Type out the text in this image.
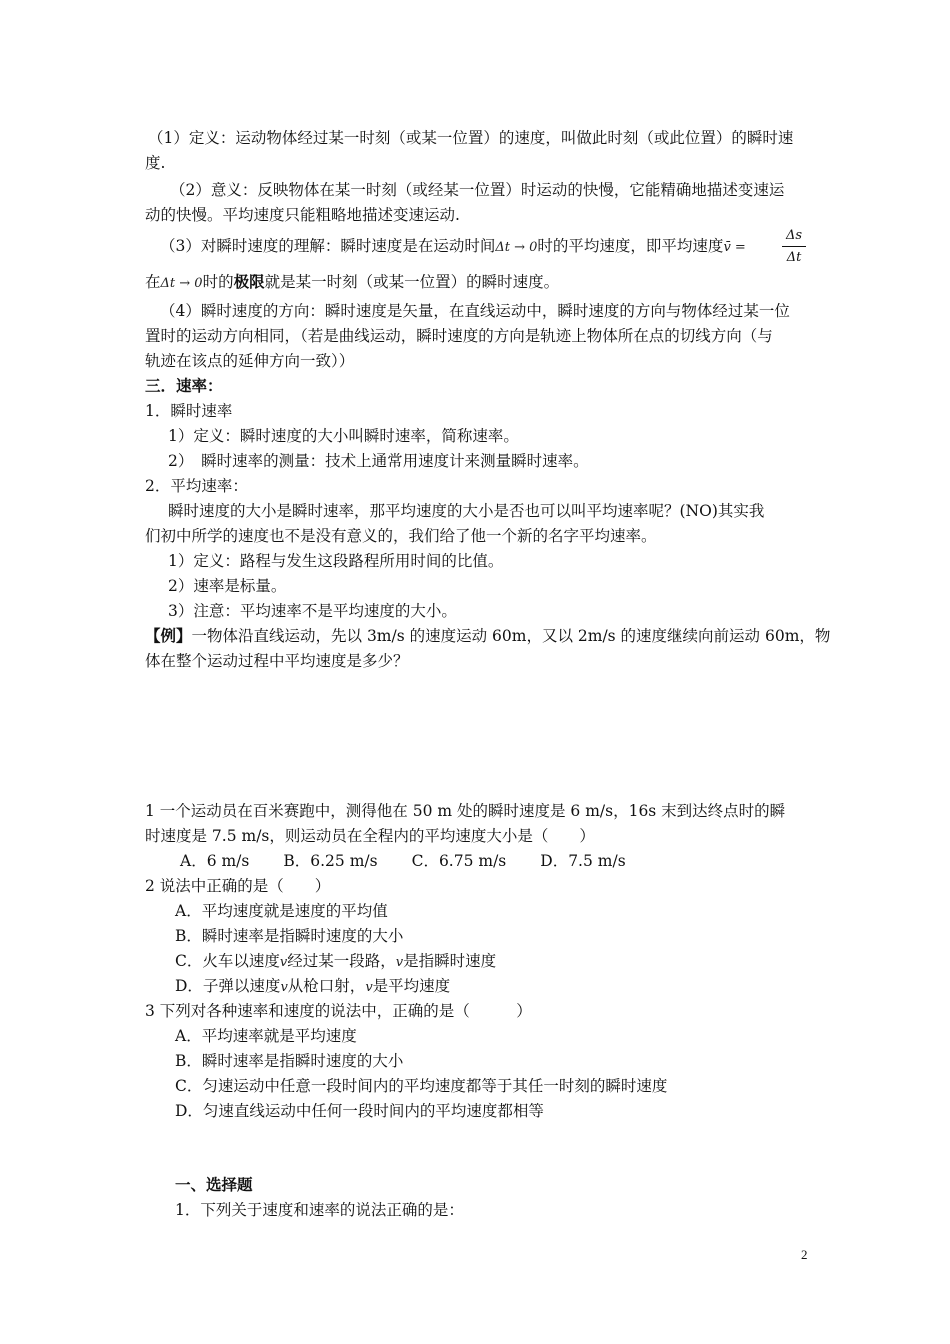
（1）定义：运动物体经过某一时刻（或某一位置）的速度，叫做此时刻（或此位置）的瞬时速
度.
（2）意义：反映物体在某一时刻（或经某一位置）时运动的快慢，它能精确地描述变速运
动的快慢。平均速度只能粗略地描述变速运动.
（3）对瞬时速度的理解：瞬时速度是在运动时间Δt → 0时的平均速度，即平均速度v̄ =
Δs
Δt
在Δt → 0时的极限就是某一时刻（或某一位置）的瞬时速度。
（4）瞬时速度的方向：瞬时速度是矢量，在直线运动中，瞬时速度的方向与物体经过某一位
置时的运动方向相同，（若是曲线运动，瞬时速度的方向是轨迹上物体所在点的切线方向（与
轨迹在该点的延伸方向一致））
三．速率：
1．瞬时速率
1）定义：瞬时速度的大小叫瞬时速率，简称速率。
2）　瞬时速率的测量：技术上通常用速度计来测量瞬时速率。
2．平均速率：
瞬时速度的大小是瞬时速率，那平均速度的大小是否也可以叫平均速率呢？(NO)其实我
们初中所学的速度也不是没有意义的，我们给了他一个新的名字平均速率。
1）定义：路程与发生这段路程所用时间的比值。
2）速率是标量。
3）注意：平均速率不是平均速度的大小。
【例】一物体沿直线运动，先以 3m/s 的速度运动 60m，又以 2m/s 的速度继续向前运动 60m，物
体在整个运动过程中平均速度是多少？
1 一个运动员在百米赛跑中，测得他在 50 m 处的瞬时速度是 6 m/s，16s 末到达终点时的瞬
时速度是 7.5 m/s，则运动员在全程内的平均速度大小是（　　）
A．6 m/s B．6.25 m/s C．6.75 m/s D．7.5 m/s
2 说法中正确的是（　　）
A．平均速度就是速度的平均值
B．瞬时速率是指瞬时速度的大小
C．火车以速度v经过某一段路，v是指瞬时速度
D．子弹以速度v从枪口射，v是平均速度
3 下列对各种速率和速度的说法中，正确的是（　　　）
A．平均速率就是平均速度
B．瞬时速率是指瞬时速度的大小
C．匀速运动中任意一段时间内的平均速度都等于其任一时刻的瞬时速度
D．匀速直线运动中任何一段时间内的平均速度都相等
一、选择题
1．下列关于速度和速率的说法正确的是：
2
